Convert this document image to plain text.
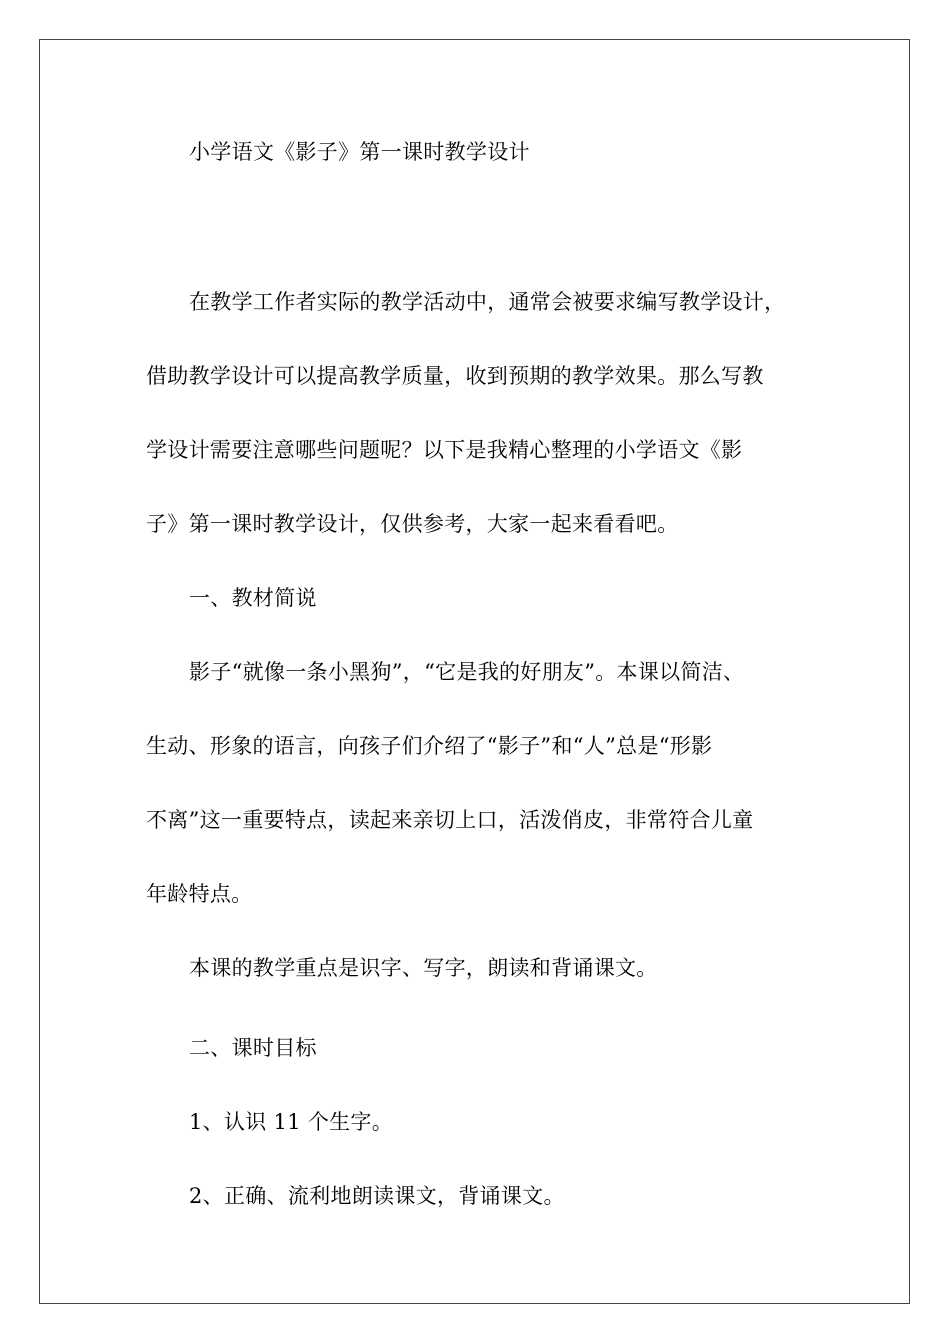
小学语文《影子》第一课时教学设计
在教学工作者实际的教学活动中，通常会被要求编写教学设计，
借助教学设计可以提高教学质量，收到预期的教学效果。那么写教
学设计需要注意哪些问题呢？以下是我精心整理的小学语文《影
子》第一课时教学设计，仅供参考，大家一起来看看吧。
一、教材简说
影子“就像一条小黑狗”，“它是我的好朋友”。本课以简洁、
生动、形象的语言，向孩子们介绍了“影子”和“人”总是“形影
不离”这一重要特点，读起来亲切上口，活泼俏皮，非常符合儿童
年龄特点。
本课的教学重点是识字、写字，朗读和背诵课文。
二、课时目标
1、认识 11 个生字。
2、正确、流利地朗读课文，背诵课文。
